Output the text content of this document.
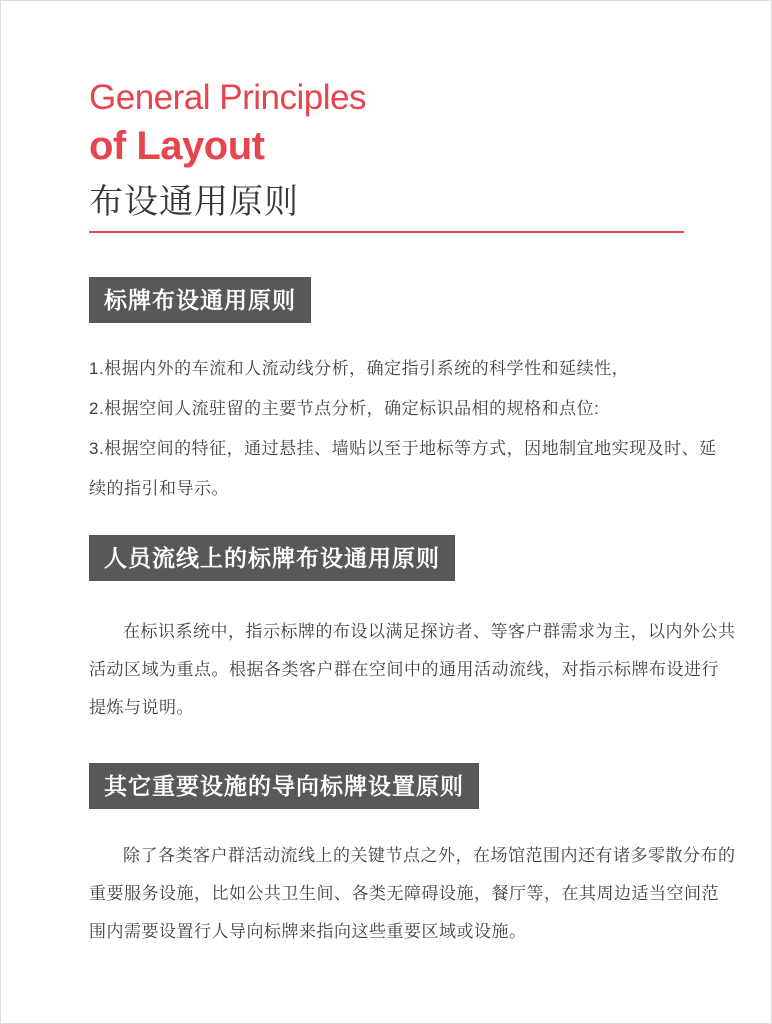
General Principles
of Layout
布设通用原则
标牌布设通用原则
1.根据内外的车流和人流动线分析，确定指引系统的科学性和延续性，
2.根据空间人流驻留的主要节点分析，确定标识品相的规格和点位:
3.根据空间的特征，通过悬挂、墙贴以至于地标等方式，因地制宜地实现及时、延
续的指引和导示。
人员流线上的标牌布设通用原则
在标识系统中，指示标牌的布设以满足探访者、等客户群需求为主，以内外公共
活动区域为重点。根据各类客户群在空间中的通用活动流线，对指示标牌布设进行
提炼与说明。
其它重要设施的导向标牌设置原则
除了各类客户群活动流线上的关键节点之外，在场馆范围内还有诸多零散分布的
重要服务设施，比如公共卫生间、各类无障碍设施，餐厅等，在其周边适当空间范
围内需要设置行人导向标牌来指向这些重要区域或设施。
